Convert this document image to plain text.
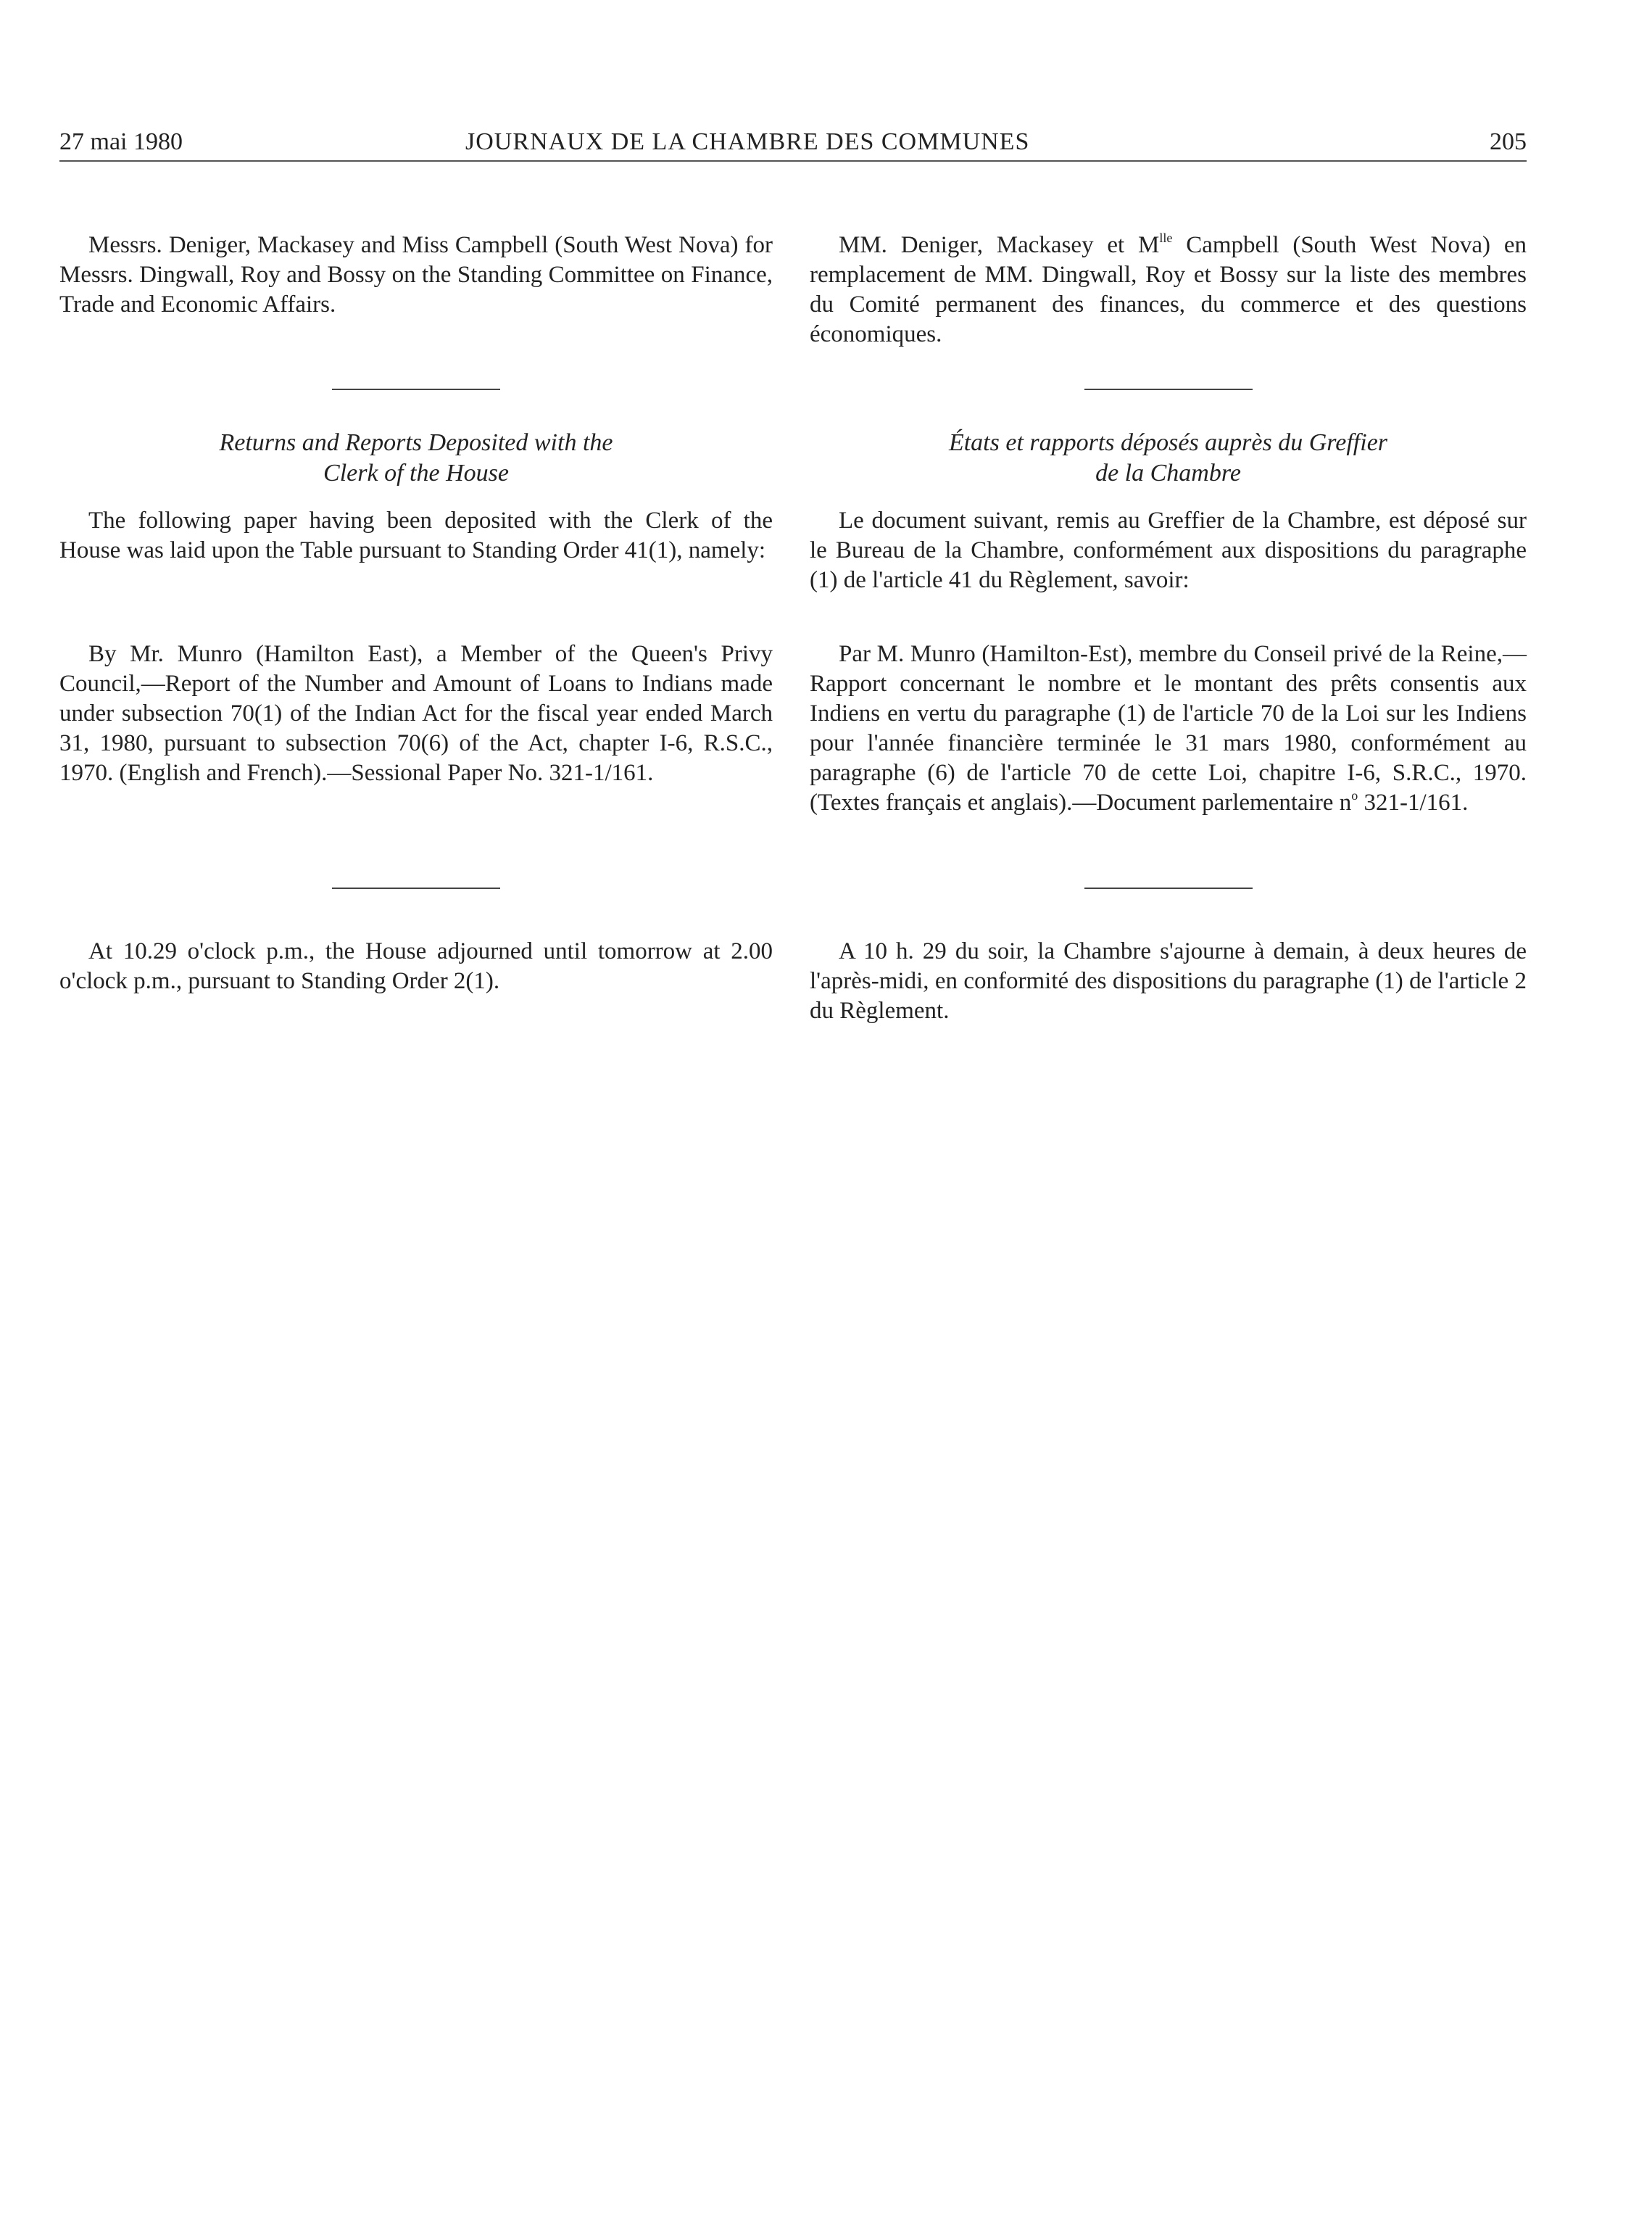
27 mai 1980	JOURNAUX DE LA CHAMBRE DES COMMUNES	205

Messrs. Deniger, Mackasey and Miss Campbell (South West Nova) for Messrs. Dingwall, Roy and Bossy on the Standing Committee on Finance, Trade and Economic Affairs.

Returns and Reports Deposited with the
Clerk of the House

The following paper having been deposited with the Clerk of the House was laid upon the Table pursuant to Standing Order 41(1), namely:

By Mr. Munro (Hamilton East), a Member of the Queen's Privy Council,—Report of the Number and Amount of Loans to Indians made under subsection 70(1) of the Indian Act for the fiscal year ended March 31, 1980, pursuant to subsection 70(6) of the Act, chapter I-6, R.S.C., 1970. (English and French).—Sessional Paper No. 321-1/161.

At 10.29 o'clock p.m., the House adjourned until tomorrow at 2.00 o'clock p.m., pursuant to Standing Order 2(1).

MM. Deniger, Mackasey et $M^{lle}$ Campbell (South West Nova) en remplacement de MM. Dingwall, Roy et Bossy sur la liste des membres du Comité permanent des finances, du commerce et des questions économiques.

États et rapports déposés auprès du Greffier
de la Chambre

Le document suivant, remis au Greffier de la Chambre, est déposé sur le Bureau de la Chambre, conformément aux dispositions du paragraphe (1) de l'article 41 du Règlement, savoir:

Par M. Munro (Hamilton-Est), membre du Conseil privé de la Reine,—Rapport concernant le nombre et le montant des prêts consentis aux Indiens en vertu du paragraphe (1) de l'article 70 de la Loi sur les Indiens pour l'année financière terminée le 31 mars 1980, conformément au paragraphe (6) de l'article 70 de cette Loi, chapitre I-6, S.R.C., 1970. (Textes français et anglais).—Document parlementaire $n^o$ 321-1/161.

A 10 h. 29 du soir, la Chambre s'ajourne à demain, à deux heures de l'après-midi, en conformité des dispositions du paragraphe (1) de l'article 2 du Règlement.
